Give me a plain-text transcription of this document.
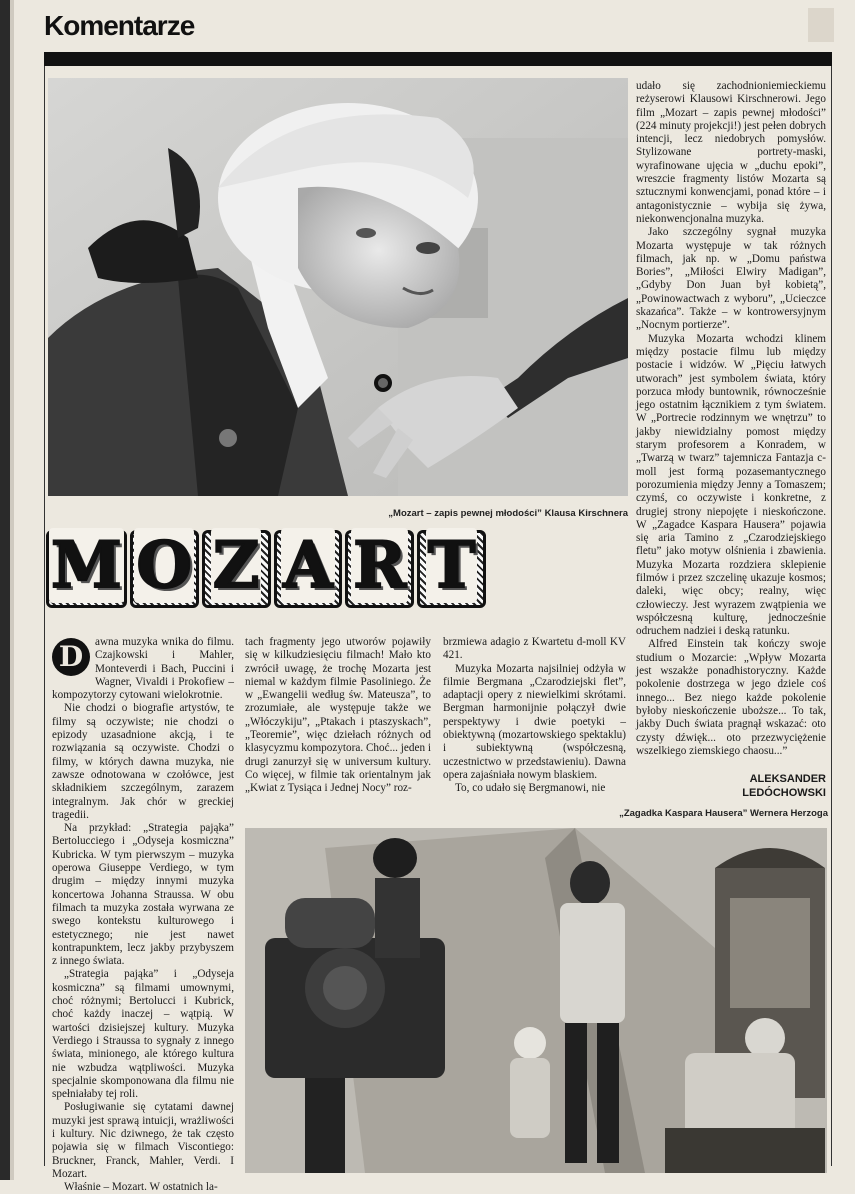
Komentarze
„Mozart – zapis pewnej młodości” Klausa Kirschnera
M O Z A R T

udało się zachodnioniemieckiemu reżyserowi Klausowi Kirschnerowi. Jego film „Mozart – zapis pewnej młodości” (224 minuty projekcji!) jest pełen dobrych intencji, lecz niedobrych pomysłów. Stylizowane portrety-maski, wyrafinowane ujęcia w „duchu epoki”, wreszcie fragmenty listów Mozarta są sztucznymi konwencjami, ponad które – i antagonistycznie – wybija się żywa, niekonwencjonalna muzyka.

Jako szczególny sygnał muzyka Mozarta występuje w tak różnych filmach, jak np. w „Domu państwa Bories”, „Miłości Elwiry Madigan”, „Gdyby Don Juan był kobietą”, „Powinowactwach z wyboru”, „Ucieczce skazańca”. Także – w kontrowersyjnym „Nocnym portierze”.

Muzyka Mozarta wchodzi klinem między postacie filmu lub między postacie i widzów. W „Pięciu łatwych utworach” jest symbolem świata, który porzuca młody buntownik, równocześnie jego ostatnim łącznikiem z tym światem. W „Portrecie rodzinnym we wnętrzu” to jakby niewidzialny pomost między starym profesorem a Konradem, w „Twarzą w twarz” tajemnicza Fantazja c-moll jest formą pozasemantycznego porozumienia między Jenny a Tomaszem; czymś, co oczywiste i konkretne, z drugiej strony niepojęte i nieskończone. W „Zagadce Kaspara Hausera” pojawia się aria Tamino z „Czarodziejskiego fletu” jako motyw olśnienia i zbawienia. Muzyka Mozarta rozdziera sklepienie filmów i przez szczelinę ukazuje kosmos; daleki, więc obcy; realny, więc człowieczy. Jest wyrazem zwątpienia we współczesną kulturę, jednocześnie odruchem nadziei i deską ratunku.

Alfred Einstein tak kończy swoje studium o Mozarcie: „Wpływ Mozarta jest wszakże ponadhistoryczny. Każde pokolenie dostrzega w jego dziele coś innego... Bez niego każde pokolenie byłoby nieskończenie uboższe... To tak, jakby Duch świata pragnął wskazać: oto czysty dźwięk... oto przezwyciężenie wszelkiego ziemskiego chaosu...”

ALEKSANDER
LEDÓCHOWSKI
D	awna muzyka wnika do filmu. Czajkowski i Mahler, Monteverdi i Bach, Puccini i Wagner, Vivaldi i Prokofiew – kompozytorzy cytowani wielokrotnie.

Nie chodzi o biografie artystów, te filmy są oczywiste; nie chodzi o epizody uzasadnione akcją, i te rozwiązania są oczywiste. Chodzi o filmy, w których dawna muzyka, nie zawsze odnotowana w czołówce, jest składnikiem szczególnym, zarazem integralnym. Jak chór w greckiej tragedii.

Na przykład: „Strategia pająka” Bertolucciego i „Odyseja kosmiczna” Kubricka. W tym pierwszym – muzyka operowa Giuseppe Verdiego, w tym drugim – między innymi muzyka koncertowa Johanna Straussa. W obu filmach ta muzyka została wyrwana ze swego kontekstu kulturowego i estetycznego; nie jest nawet kontrapunktem, lecz jakby przybyszem z innego świata.

„Strategia pająka” i „Odyseja kosmiczna” są filmami umownymi, choć różnymi; Bertolucci i Kubrick, choć każdy inaczej – wątpią. W wartości dzisiejszej kultury. Muzyka Verdiego i Straussa to sygnały z innego świata, minionego, ale którego kultura nie wzbudza wątpliwości. Muzyka specjalnie skomponowana dla filmu nie spełniałaby tej roli.

Posługiwanie się cytatami dawnej muzyki jest sprawą intuicji, wrażliwości i kultury. Nic dziwnego, że tak często pojawia się w filmach Viscontiego: Bruckner, Franck, Mahler, Verdi. I Mozart.

Właśnie – Mozart. W ostatnich la-

tach fragmenty jego utworów pojawiły się w kilkudziesięciu filmach! Mało kto zwrócił uwagę, że trochę Mozarta jest niemal w każdym filmie Pasoliniego. Że w „Ewangelii według św. Mateusza”, to zrozumiałe, ale występuje także we „Włóczykiju”, „Ptakach i ptaszyskach”, „Teoremie”, więc dziełach różnych od klasycyzmu kompozytora. Choć... jeden i drugi zanurzył się w universum kultury. Co więcej, w filmie tak orientalnym jak „Kwiat z Tysiąca i Jednej Nocy” roz-

brzmiewa adagio z Kwartetu d-moll KV 421.

Muzyka Mozarta najsilniej odżyła w filmie Bergmana „Czarodziejski flet”, adaptacji opery z niewielkimi skrótami. Bergman harmonijnie połączył dwie perspektywy i dwie poetyki – obiektywną (mozartowskiego spektaklu) i subiektywną (współczesną, uczestnictwo w przedstawieniu). Dawna opera zajaśniała nowym blaskiem.

To, co udało się Bergmanowi, nie

„Zagadka Kaspara Hausera” Wernera Herzoga
